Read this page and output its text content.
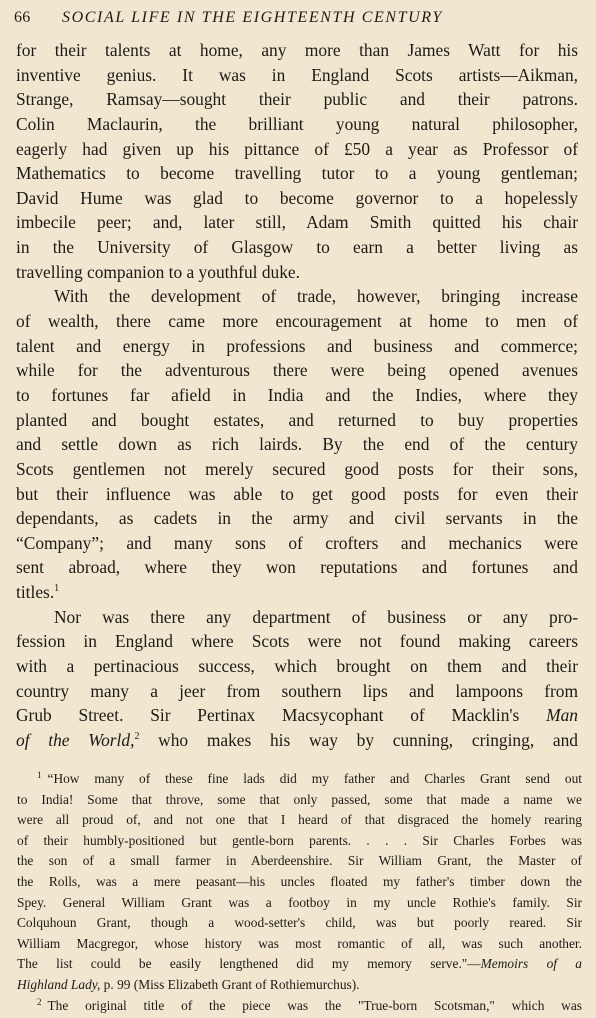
66	SOCIAL LIFE IN THE EIGHTEENTH CENTURY
for their talents at home, any more than James Watt for his
inventive genius. It was in England Scots artists—Aikman,
Strange, Ramsay—sought their public and their patrons.
Colin Maclaurin, the brilliant young natural philosopher,
eagerly had given up his pittance of £50 a year as Professor of
Mathematics to become travelling tutor to a young gentleman;
David Hume was glad to become governor to a hopelessly
imbecile peer; and, later still, Adam Smith quitted his chair
in the University of Glasgow to earn a better living as
travelling companion to a youthful duke.
With the development of trade, however, bringing increase
of wealth, there came more encouragement at home to men of
talent and energy in professions and business and commerce;
while for the adventurous there were being opened avenues
to fortunes far afield in India and the Indies, where they
planted and bought estates, and returned to buy properties
and settle down as rich lairds. By the end of the century
Scots gentlemen not merely secured good posts for their sons,
but their influence was able to get good posts for even their
dependants, as cadets in the army and civil servants in the
“Company”; and many sons of crofters and mechanics were
sent abroad, where they won reputations and fortunes and
titles.$^1$
Nor was there any department of business or any pro-
fession in England where Scots were not found making careers
with a pertinacious success, which brought on them and their
country many a jeer from southern lips and lampoons from
Grub Street. Sir Pertinax Macsycophant of Macklin's Man
of the World,$^2$ who makes his way by cunning, cringing, and
$^1$ “How many of these fine lads did my father and Charles Grant send out
to India! Some that throve, some that only passed, some that made a name we
were all proud of, and not one that I heard of that disgraced the homely rearing
of their humbly-positioned but gentle-born parents. . . . Sir Charles Forbes was
the son of a small farmer in Aberdeenshire. Sir William Grant, the Master of
the Rolls, was a mere peasant—his uncles floated my father's timber down the
Spey. General William Grant was a footboy in my uncle Rothie's family. Sir
Colquhoun Grant, though a wood-setter's child, was but poorly reared. Sir
William Macgregor, whose history was most romantic of all, was such another.
The list could be easily lengthened did my memory serve."—Memoirs of a
Highland Lady, p. 99 (Miss Elizabeth Grant of Rothiemurchus).
$^2$ The original title of the piece was the "True-born Scotsman," which was
